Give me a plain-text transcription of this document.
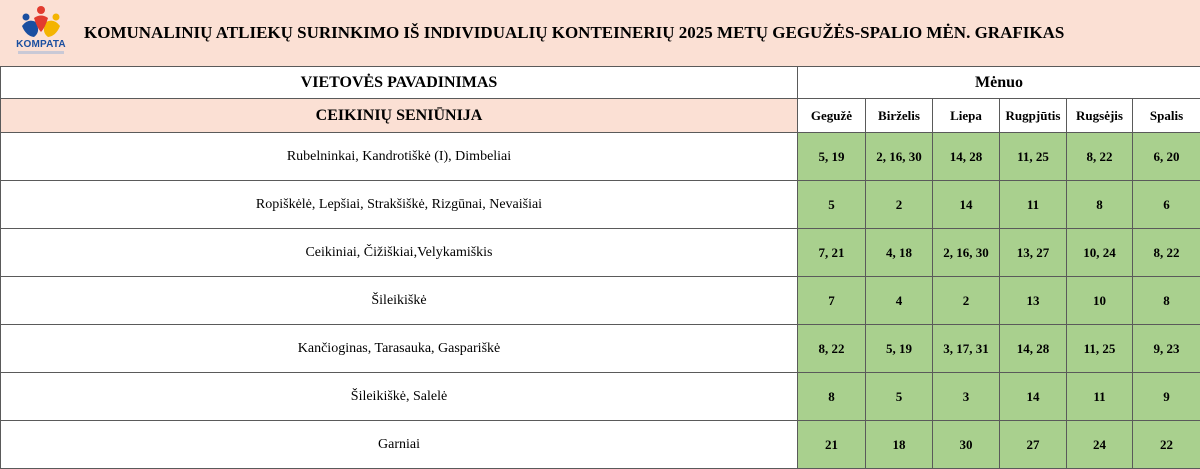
KOMPATA
KOMUNALINIŲ ATLIEKŲ SURINKIMO IŠ INDIVIDUALIŲ KONTEINERIŲ 2025 METŲ GEGUŽĖS-SPALIO MĖN. GRAFIKAS
VIETOVĖS PAVADINIMAS	Mėnuo					
CEIKINIŲ SENIŪNIJA	Gegužė	Birželis	Liepa	Rugpjūtis	Rugsėjis	Spalis
Rubelninkai, Kandrotiškė (I), Dimbeliai	5, 19	2, 16, 30	14, 28	11, 25	8, 22	6, 20
Ropiškėlė, Lepšiai, Strakšiškė, Rizgūnai, Nevaišiai	5	2	14	11	8	6
Ceikiniai, Čižiškiai,Velykamiškis	7, 21	4, 18	2, 16, 30	13, 27	10, 24	8, 22
Šileikiškė	7	4	2	13	10	8
Kančioginas, Tarasauka, Gaspariškė	8, 22	5, 19	3, 17, 31	14, 28	11, 25	9, 23
Šileikiškė, Salelė	8	5	3	14	11	9
Garniai	21	18	30	27	24	22
